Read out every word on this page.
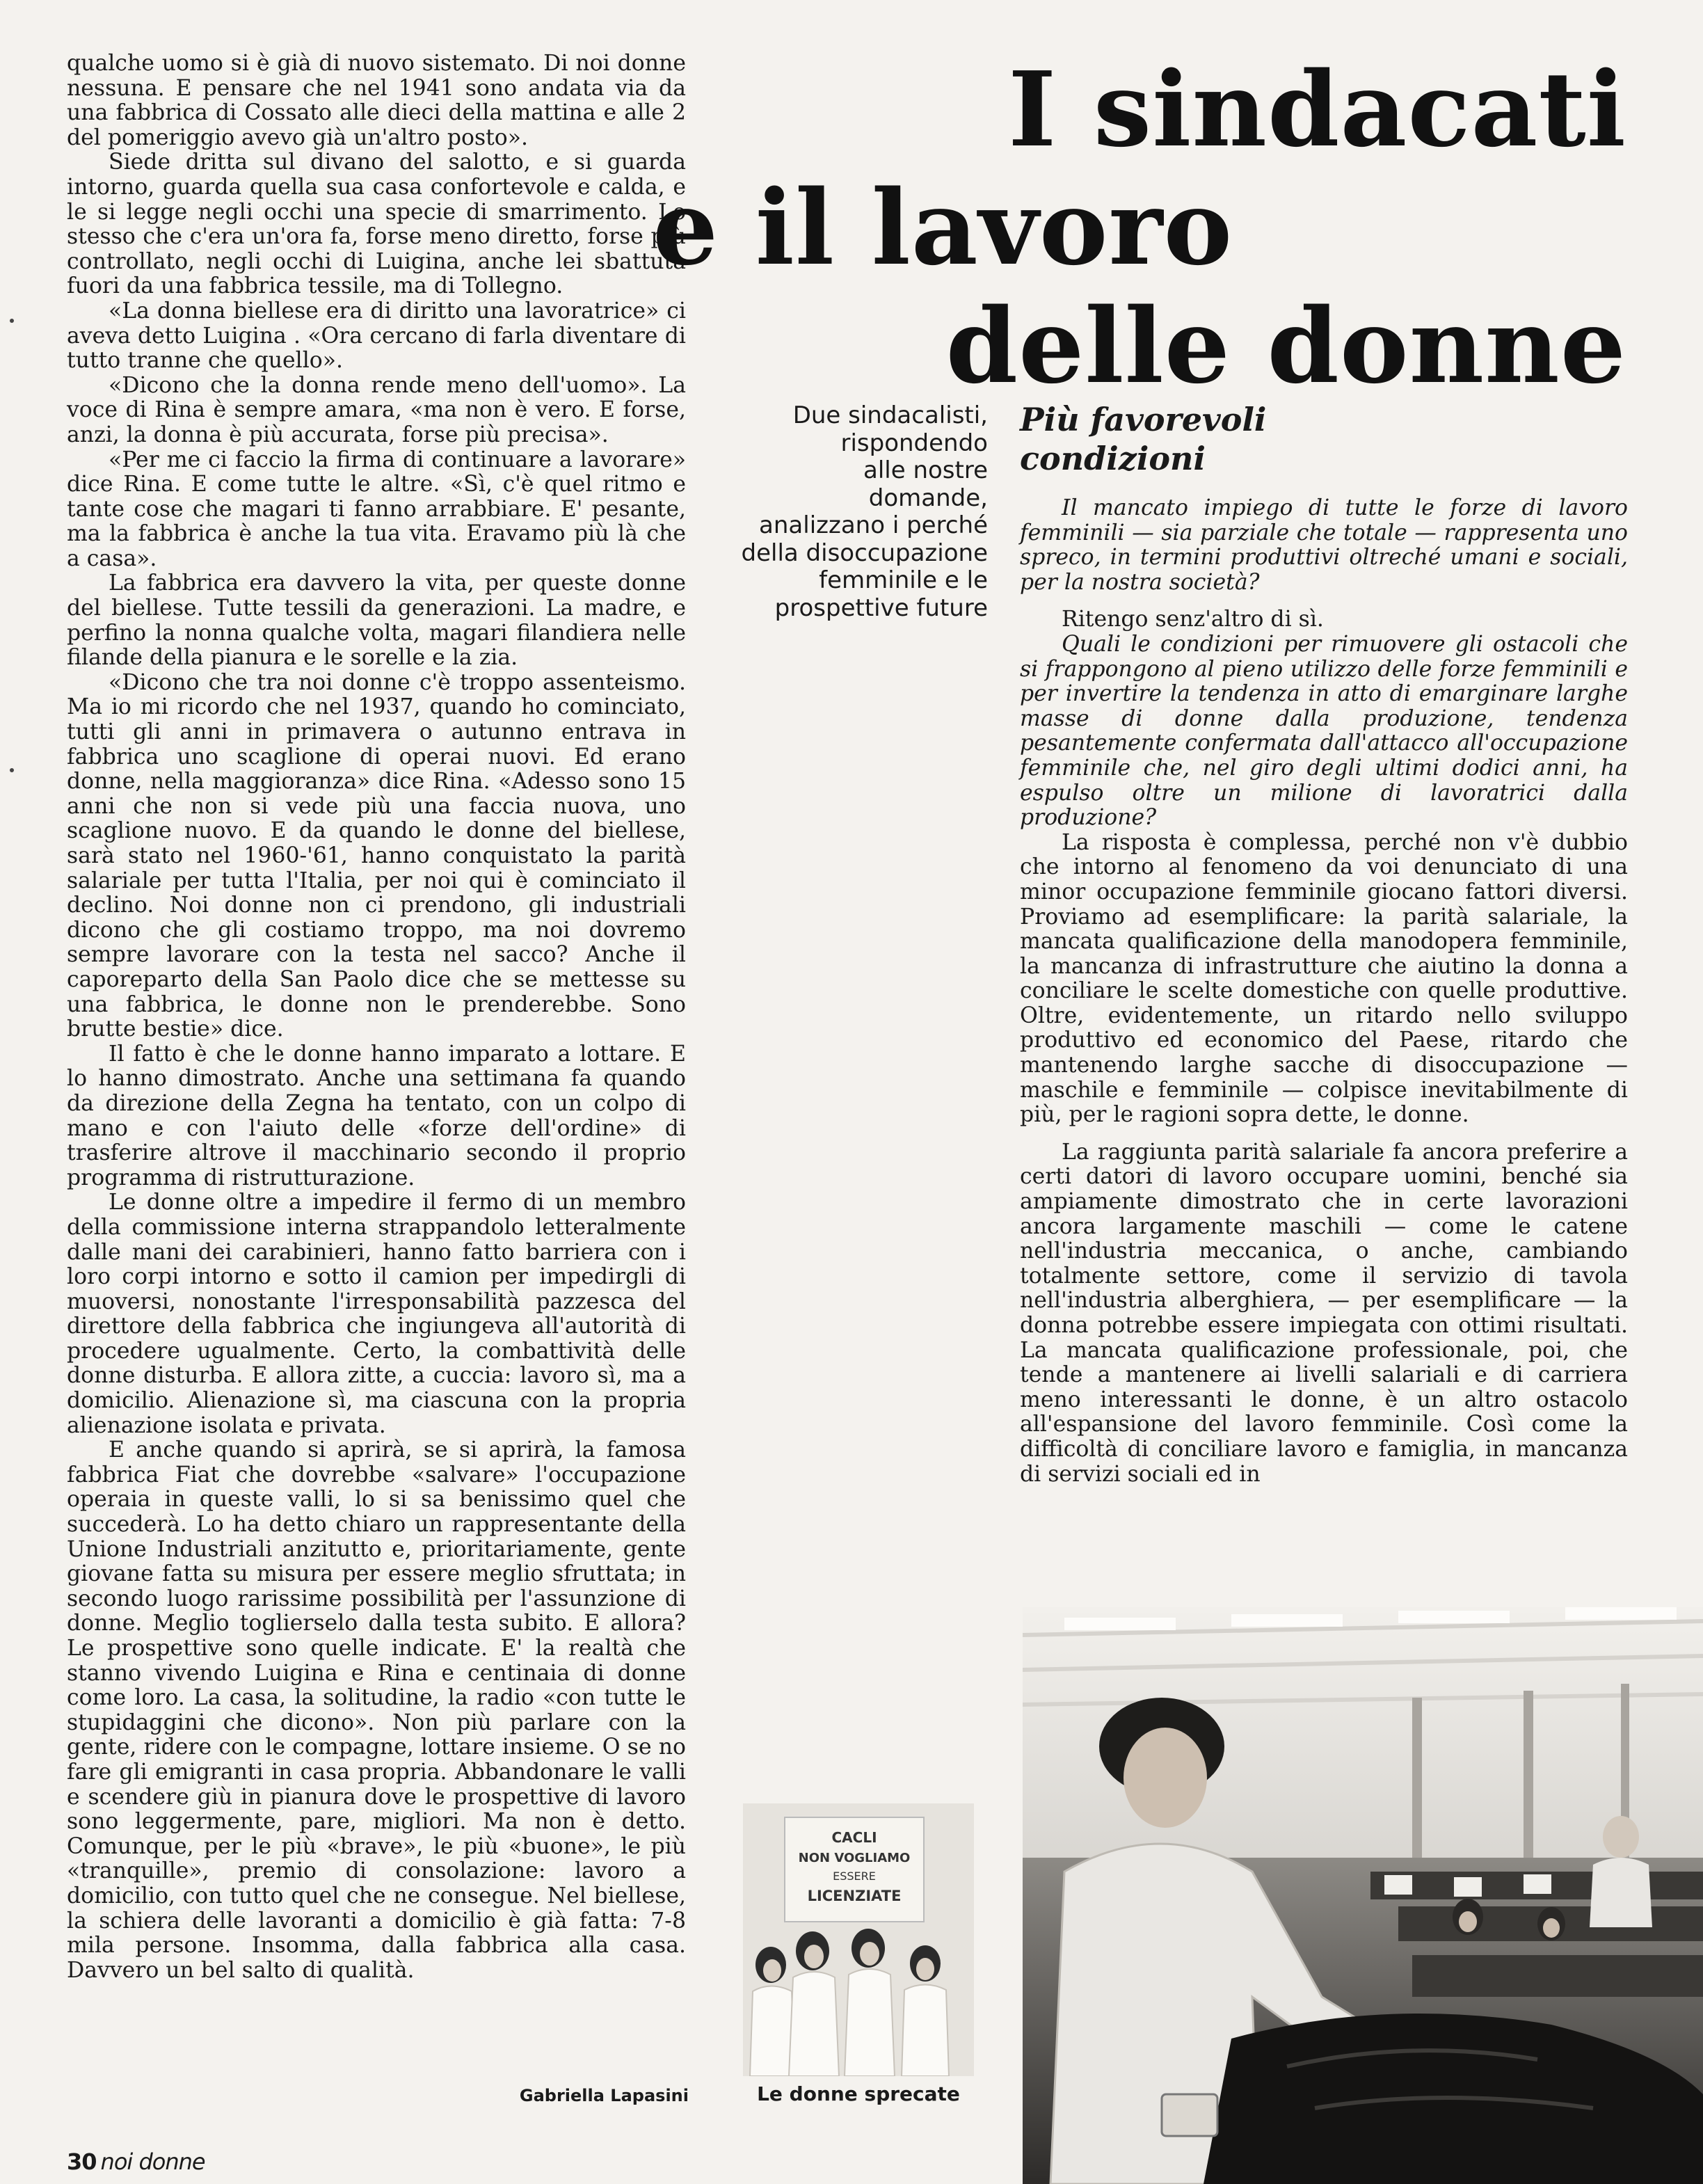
qualche uomo si è già di nuovo sistemato. Di noi donne nessuna. E pensare che nel 1941 sono andata via da una fabbrica di Cossato alle dieci della mattina e alle 2 del pomeriggio avevo già un'altro posto».

Siede dritta sul divano del salotto, e si guarda intorno, guarda quella sua casa confortevole e calda, e le si legge negli occhi una specie di smarrimento. Lo stesso che c'era un'ora fa, forse meno diretto, forse più controllato, negli occhi di Luigina, anche lei sbattuta fuori da una fabbrica tessile, ma di Tollegno.

«La donna biellese era di diritto una lavoratrice» ci aveva detto Luigina . «Ora cercano di farla diventare di tutto tranne che quello».

«Dicono che la donna rende meno dell'uomo». La voce di Rina è sempre amara, «ma non è vero. E forse, anzi, la donna è più accurata, forse più precisa».

«Per me ci faccio la firma di continuare a lavorare» dice Rina. E come tutte le altre. «Sì, c'è quel ritmo e tante cose che magari ti fanno arrabbiare. E' pesante, ma la fabbrica è anche la tua vita. Eravamo più là che a casa».

La fabbrica era davvero la vita, per queste donne del biellese. Tutte tessili da generazioni. La madre, e perfino la nonna qualche volta, magari filandiera nelle filande della pianura e le sorelle e la zia.

«Dicono che tra noi donne c'è troppo assenteismo. Ma io mi ricordo che nel 1937, quando ho cominciato, tutti gli anni in primavera o autunno entrava in fabbrica uno scaglione di operai nuovi. Ed erano donne, nella maggioranza» dice Rina. «Adesso sono 15 anni che non si vede più una faccia nuova, uno scaglione nuovo. E da quando le donne del biellese, sarà stato nel 1960-'61, hanno conquistato la parità salariale per tutta l'Italia, per noi qui è cominciato il declino. Noi donne non ci prendono, gli industriali dicono che gli costiamo troppo, ma noi dovremo sempre lavorare con la testa nel sacco? Anche il caporeparto della San Paolo dice che se mettesse su una fabbrica, le donne non le prenderebbe. Sono brutte bestie» dice.

Il fatto è che le donne hanno imparato a lottare. E lo hanno dimostrato. Anche una settimana fa quando da direzione della Zegna ha tentato, con un colpo di mano e con l'aiuto delle «forze dell'ordine» di trasferire altrove il macchinario secondo il proprio programma di ristrutturazione.

Le donne oltre a impedire il fermo di un membro della commissione interna strappandolo letteralmente dalle mani dei carabinieri, hanno fatto barriera con i loro corpi intorno e sotto il camion per impedirgli di muoversi, nonostante l'irresponsabilità pazzesca del direttore della fabbrica che ingiungeva all'autorità di procedere ugualmente. Certo, la combattività delle donne disturba. E allora zitte, a cuccia: lavoro sì, ma a domicilio. Alienazione sì, ma ciascuna con la propria alienazione isolata e privata.

E anche quando si aprirà, se si aprirà, la famosa fabbrica Fiat che dovrebbe «salvare» l'occupazione operaia in queste valli, lo si sa benissimo quel che succederà. Lo ha detto chiaro un rappresentante della Unione Industriali anzitutto e, prioritariamente, gente giovane fatta su misura per essere meglio sfruttata; in secondo luogo rarissime possibilità per l'assunzione di donne. Meglio toglierselo dalla testa subito. E allora? Le prospettive sono quelle indicate. E' la realtà che stanno vivendo Luigina e Rina e centinaia di donne come loro. La casa, la solitudine, la radio «con tutte le stupidaggini che dicono». Non più parlare con la gente, ridere con le compagne, lottare insieme. O se no fare gli emigranti in casa propria. Abbandonare le valli e scendere giù in pianura dove le prospettive di lavoro sono leggermente, pare, migliori. Ma non è detto. Comunque, per le più «brave», le più «buone», le più «tranquille», premio di consolazione: lavoro a domicilio, con tutto quel che ne consegue. Nel biellese, la schiera delle lavoranti a domicilio è già fatta: 7-8 mila persone. Insomma, dalla fabbrica alla casa. Davvero un bel salto di qualità.

Gabriella Lapasini
I sindacati
e il lavoro
delle donne
Due sindacalisti,
rispondendo
alle nostre
domande,
analizzano i perché
della disoccupazione
femminile e le
prospettive future
Più favorevoli
condizioni

Il mancato impiego di tutte le forze di lavoro femminili — sia parziale che totale — rappresenta uno spreco, in termini produttivi oltreché umani e sociali, per la nostra società?

Ritengo senz'altro di sì.

Quali le condizioni per rimuovere gli ostacoli che si frappongono al pieno utilizzo delle forze femminili e per invertire la tendenza in atto di emarginare larghe masse di donne dalla produzione, tendenza pesantemente confermata dall'attacco all'occupazione femminile che, nel giro degli ultimi dodici anni, ha espulso oltre un milione di lavoratrici dalla produzione?

La risposta è complessa, perché non v'è dubbio che intorno al fenomeno da voi denunciato di una minor occupazione femminile giocano fattori diversi. Proviamo ad esemplificare: la parità salariale, la mancata qualificazione della manodopera femminile, la mancanza di infrastrutture che aiutino la donna a conciliare le scelte domestiche con quelle produttive. Oltre, evidentemente, un ritardo nello sviluppo produttivo ed economico del Paese, ritardo che mantenendo larghe sacche di disoccupazione — maschile e femminile — colpisce inevitabilmente di più, per le ragioni sopra dette, le donne.

La raggiunta parità salariale fa ancora preferire a certi datori di lavoro occupare uomini, benché sia ampiamente dimostrato che in certe lavorazioni ancora largamente maschili — come le catene nell'industria meccanica, o anche, cambiando totalmente settore, come il servizio di tavola nell'industria alberghiera, — per esemplificare — la donna potrebbe essere impiegata con ottimi risultati. La mancata qualificazione professionale, poi, che tende a mantenere ai livelli salariali e di carriera meno interessanti le donne, è un altro ostacolo all'espansione del lavoro femminile. Così come la difficoltà di conciliare lavoro e famiglia, in mancanza di servizi sociali ed in

CACLI
NON VOGLIAMO
ESSERE
LICENZIATE
Le donne sprecate
30 noi donne
